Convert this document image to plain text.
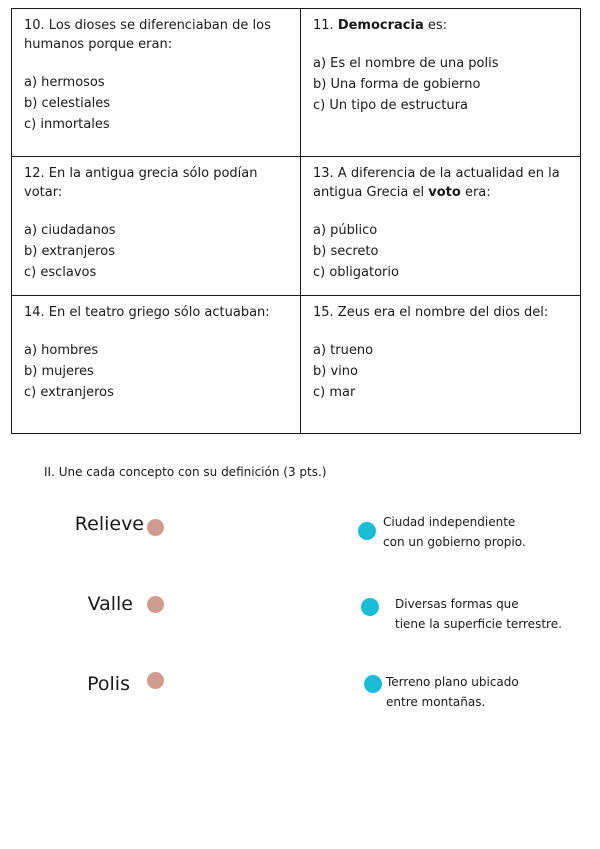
10. Los dioses se diferenciaban de los humanos porque eran:

a) hermosos

b) celestiales

c) inmortales

11. Democracia es:

a) Es el nombre de una polis

b) Una forma de gobierno

c) Un tipo de estructura

12. En la antigua grecia sólo podían votar:

a) ciudadanos

b) extranjeros

c) esclavos

13. A diferencia de la actualidad en la antigua Grecia el voto era:

a) público

b) secreto

c) obligatorio

14. En el teatro griego sólo actuaban:

a) hombres

b) mujeres

c) extranjeros

15. Zeus era el nombre del dios del:

a) trueno

b) vino

c) mar

II. Une cada concepto con su definición (3 pts.)
Relieve
Valle
Polis
Ciudad independiente
con un gobierno propio.
Diversas formas que
tiene la superficie terrestre.
Terreno plano ubicado
entre montañas.
